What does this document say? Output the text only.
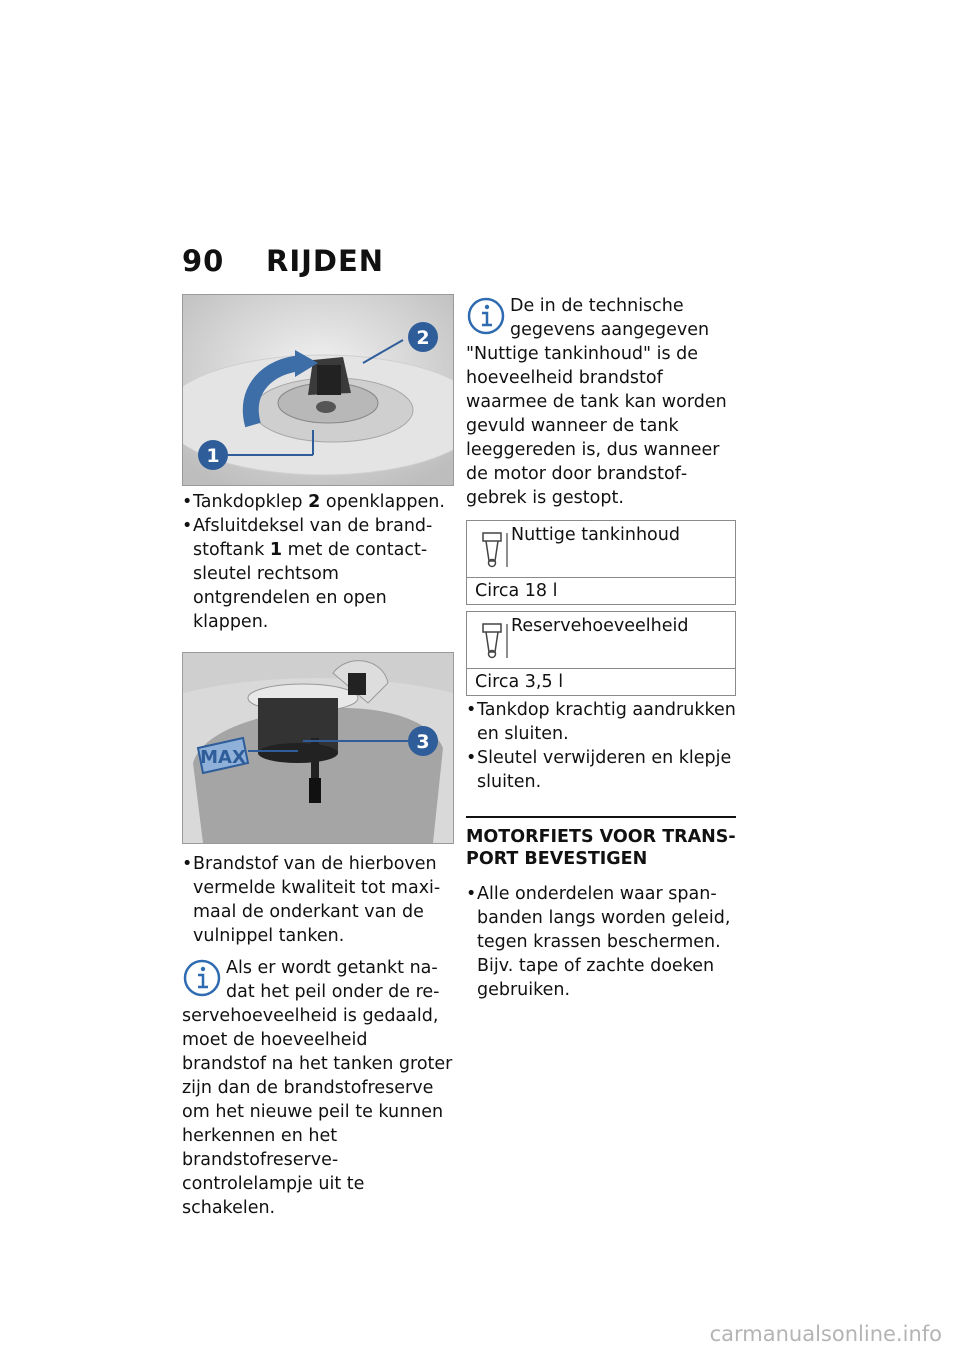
90 RIJDEN
2
1

• Tankdopklep 2 openklappen.

• Afsluitdeksel van de brandstoftank 1 met de contactsleutel rechtsom ontgrendelen en open klappen.

MAX
3

• Brandstof van de hierboven vermelde kwaliteit tot maximaal de onderkant van de vulnippel tanken.

Als er wordt getankt nadat het peil onder de reservehoeveelheid is gedaald, moet de hoeveelheid brandstof na het tanken groter zijn dan de brandstofreserve om het nieuwe peil te kunnen herkennen en het brandstofreservecontrolelampje uit te schakelen.
De in de technische gegevens aangegeven "Nuttige tankinhoud" is de hoeveelheid brandstof waarmee de tank kan worden gevuld wanneer de tank leeggereden is, dus wanneer de motor door brandstofgebrek is gestopt.
Nuttige tankinhoud
Circa 18 l
Reservehoeveelheid
Circa 3,5 l

• Tankdop krachtig aandrukken en sluiten.

• Sleutel verwijderen en klepje sluiten.

MOTORFIETS VOOR TRANSPORT BEVESTIGEN

• Alle onderdelen waar spanbanden langs worden geleid, tegen krassen beschermen. Bijv. tape of zachte doeken gebruiken.

carmanualsonline.info
